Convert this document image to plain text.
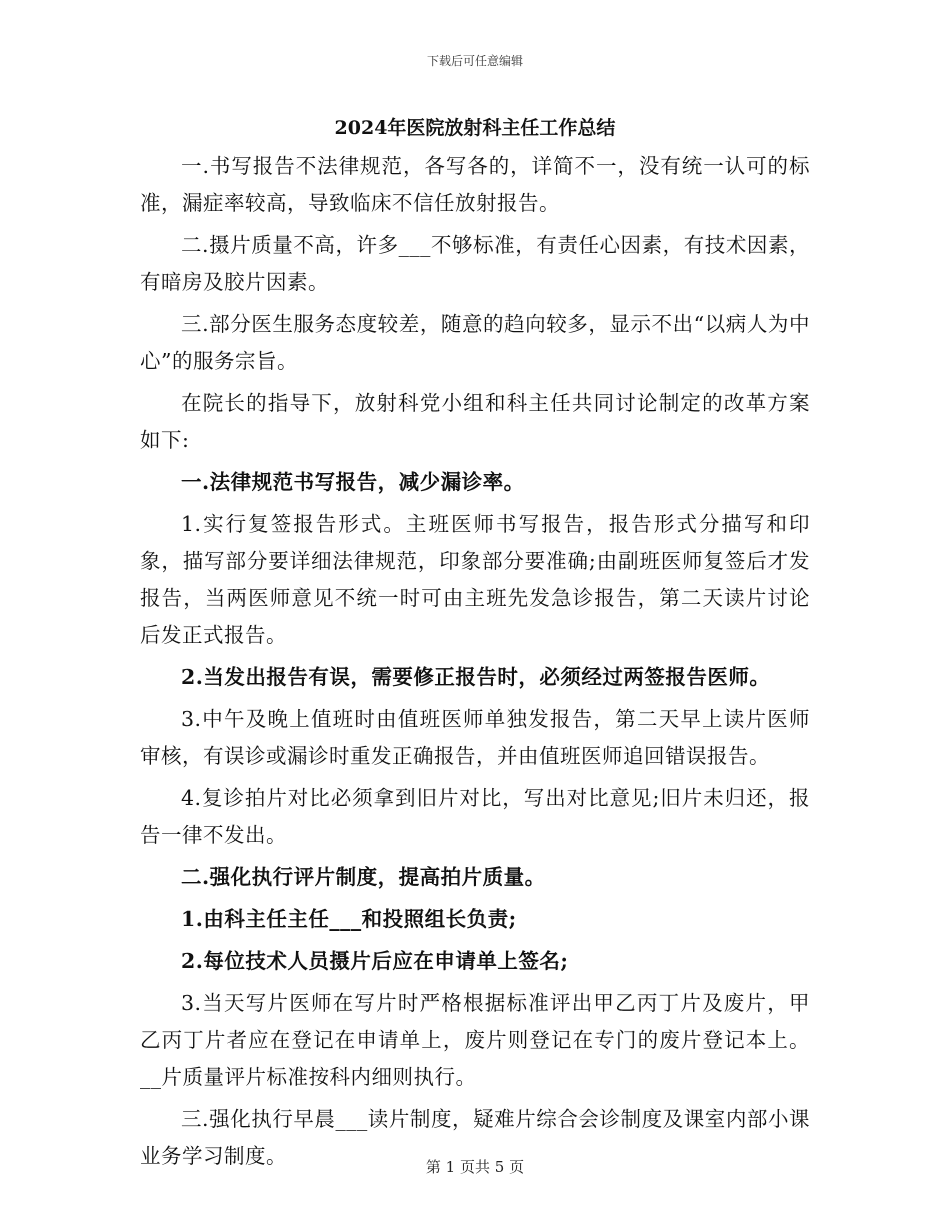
下载后可任意编辑
2024年医院放射科主任工作总结

一.书写报告不法律规范，各写各的，详简不一，没有统一认可的标准，漏症率较高，导致临床不信任放射报告。

二.摄片质量不高，许多___不够标准，有责任心因素，有技术因素，有暗房及胶片因素。

三.部分医生服务态度较差，随意的趋向较多，显示不出“以病人为中心”的服务宗旨。

在院长的指导下，放射科党小组和科主任共同讨论制定的改革方案如下:

一.法律规范书写报告，减少漏诊率。

1.实行复签报告形式。主班医师书写报告，报告形式分描写和印象，描写部分要详细法律规范，印象部分要准确;由副班医师复签后才发报告，当两医师意见不统一时可由主班先发急诊报告，第二天读片讨论后发正式报告。

2.当发出报告有误，需要修正报告时，必须经过两签报告医师。

3.中午及晚上值班时由值班医师单独发报告，第二天早上读片医师审核，有误诊或漏诊时重发正确报告，并由值班医师追回错误报告。

4.复诊拍片对比必须拿到旧片对比，写出对比意见;旧片未归还，报告一律不发出。

二.强化执行评片制度，提高拍片质量。

1.由科主任主任___和投照组长负责;

2.每位技术人员摄片后应在申请单上签名;

3.当天写片医师在写片时严格根据标准评出甲乙丙丁片及废片，甲乙丙丁片者应在登记在申请单上，废片则登记在专门的废片登记本上。__片质量评片标准按科内细则执行。

三.强化执行早晨___读片制度，疑难片综合会诊制度及课室内部小课业务学习制度。	第 1 页共 5 页
